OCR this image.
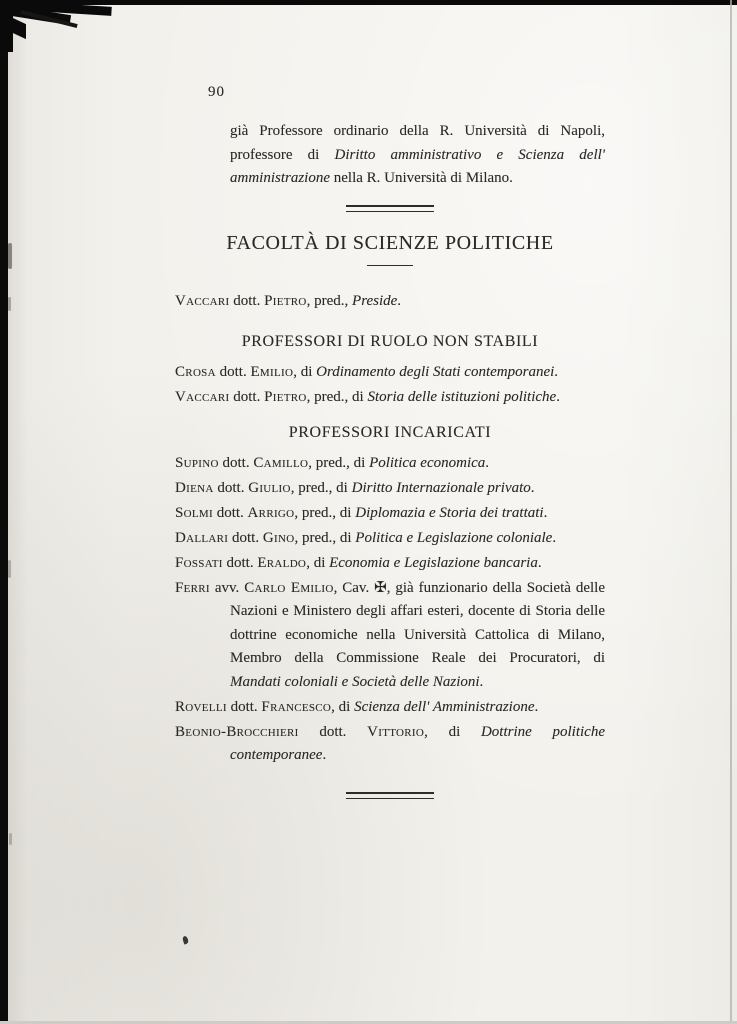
90

già Professore ordinario della R. Università di Napoli, professore di Diritto amministrativo e Scienza dell' amministrazione nella R. Università di Milano.

FACOLTÀ DI SCIENZE POLITICHE

Vaccari dott. Pietro, pred., Preside.

PROFESSORI DI RUOLO NON STABILI

Crosa dott. Emilio, di Ordinamento degli Stati contemporanei.

Vaccari dott. Pietro, pred., di Storia delle istituzioni politiche.

PROFESSORI INCARICATI

Supino dott. Camillo, pred., di Politica economica.

Diena dott. Giulio, pred., di Diritto Internazionale privato.

Solmi dott. Arrigo, pred., di Diplomazia e Storia dei trattati.

Dallari dott. Gino, pred., di Politica e Legislazione coloniale.

Fossati dott. Eraldo, di Economia e Legislazione bancaria.

Ferri avv. Carlo Emilio, Cav. ✠, già funzionario della Società delle Nazioni e Ministero degli affari esteri, docente di Storia delle dottrine economiche nella Università Cattolica di Milano, Membro della Commissione Reale dei Procuratori, di Mandati coloniali e Società delle Nazioni.

Rovelli dott. Francesco, di Scienza dell' Amministrazione.

Beonio-Brocchieri dott. Vittorio, di Dottrine politiche contemporanee.
